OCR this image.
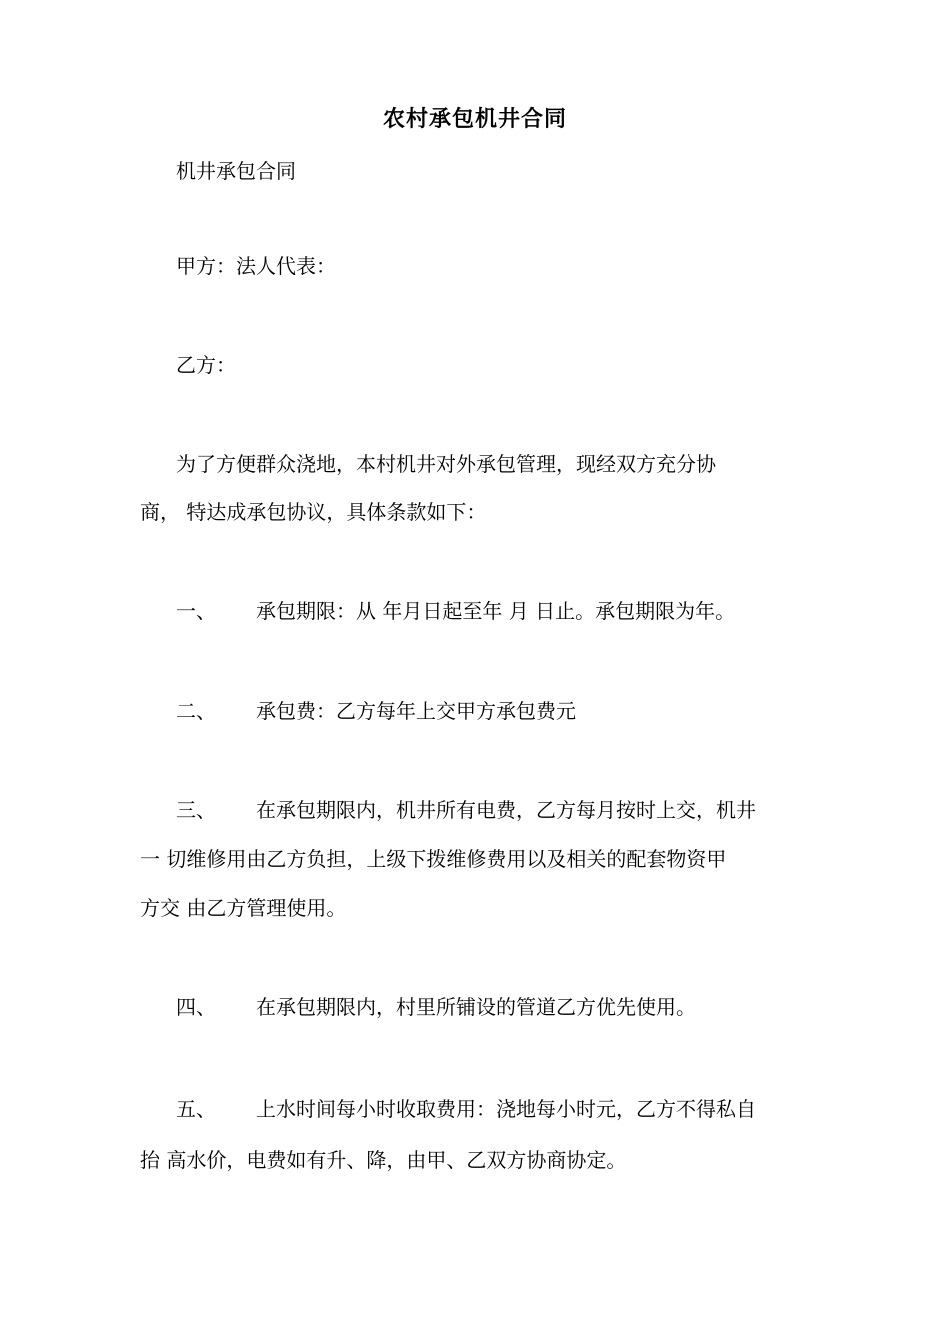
农村承包机井合同
机井承包合同
甲方：法人代表：
乙方：
为了方便群众浇地，本村机井对外承包管理，现经双方充分协
商， 特达成承包协议，具体条款如下：
一、 承包期限：从 年月日起至年 月 日止。承包期限为年。
二、 承包费：乙方每年上交甲方承包费元
三、 在承包期限内，机井所有电费，乙方每月按时上交，机井
一 切维修用由乙方负担，上级下拨维修费用以及相关的配套物资甲
方交 由乙方管理使用。
四、 在承包期限内，村里所铺设的管道乙方优先使用。
五、 上水时间每小时收取费用：浇地每小时元，乙方不得私自
抬 高水价，电费如有升、降，由甲、乙双方协商协定。
